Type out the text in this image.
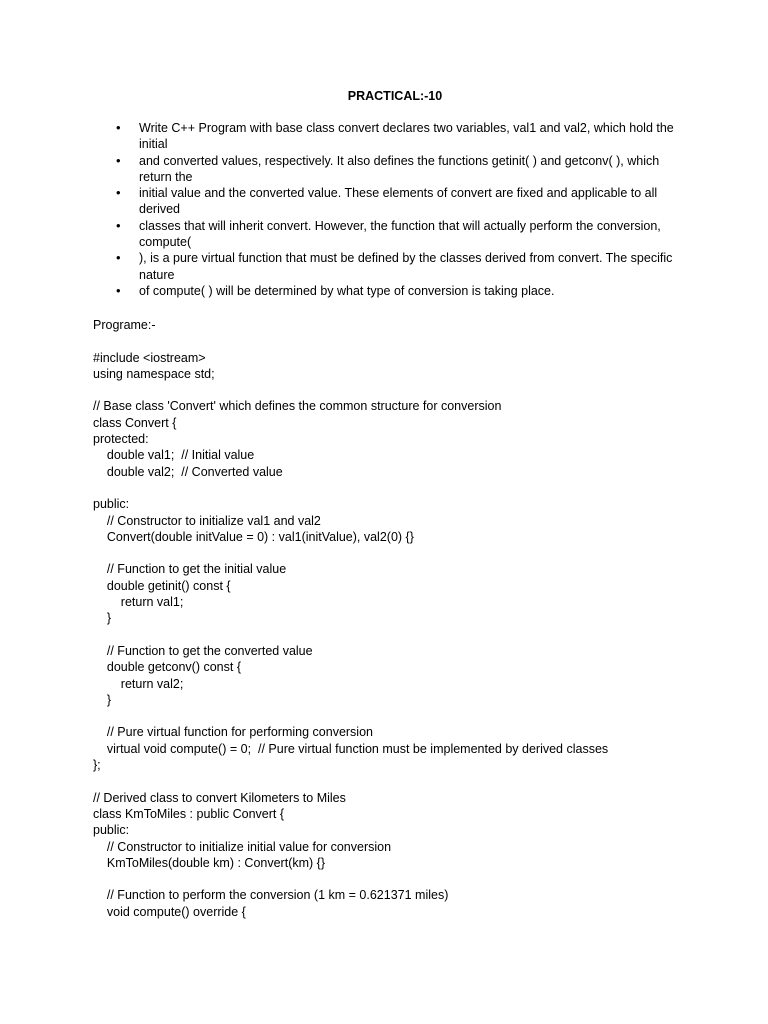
PRACTICAL:-10
• Write C++ Program with base class convert declares two variables, val1 and val2, which hold the initial
• and converted values, respectively. It also defines the functions getinit( ) and getconv( ), which return the
• initial value and the converted value. These elements of convert are fixed and applicable to all derived
• classes that will inherit convert. However, the function that will actually perform the conversion, compute(
• ), is a pure virtual function that must be defined by the classes derived from convert. The specific nature
• of compute( ) will be determined by what type of conversion is taking place.
Programe:-
#include <iostream>
using namespace std;
// Base class 'Convert' which defines the common structure for conversion
class Convert {
protected:
double val1;  // Initial value
double val2;  // Converted value
public:
// Constructor to initialize val1 and val2
Convert(double initValue = 0) : val1(initValue), val2(0) {}
// Function to get the initial value
double getinit() const {
return val1;
}
// Function to get the converted value
double getconv() const {
return val2;
}
// Pure virtual function for performing conversion
virtual void compute() = 0;  // Pure virtual function must be implemented by derived classes
};
// Derived class to convert Kilometers to Miles
class KmToMiles : public Convert {
public:
// Constructor to initialize initial value for conversion
KmToMiles(double km) : Convert(km) {}
// Function to perform the conversion (1 km = 0.621371 miles)
void compute() override {
